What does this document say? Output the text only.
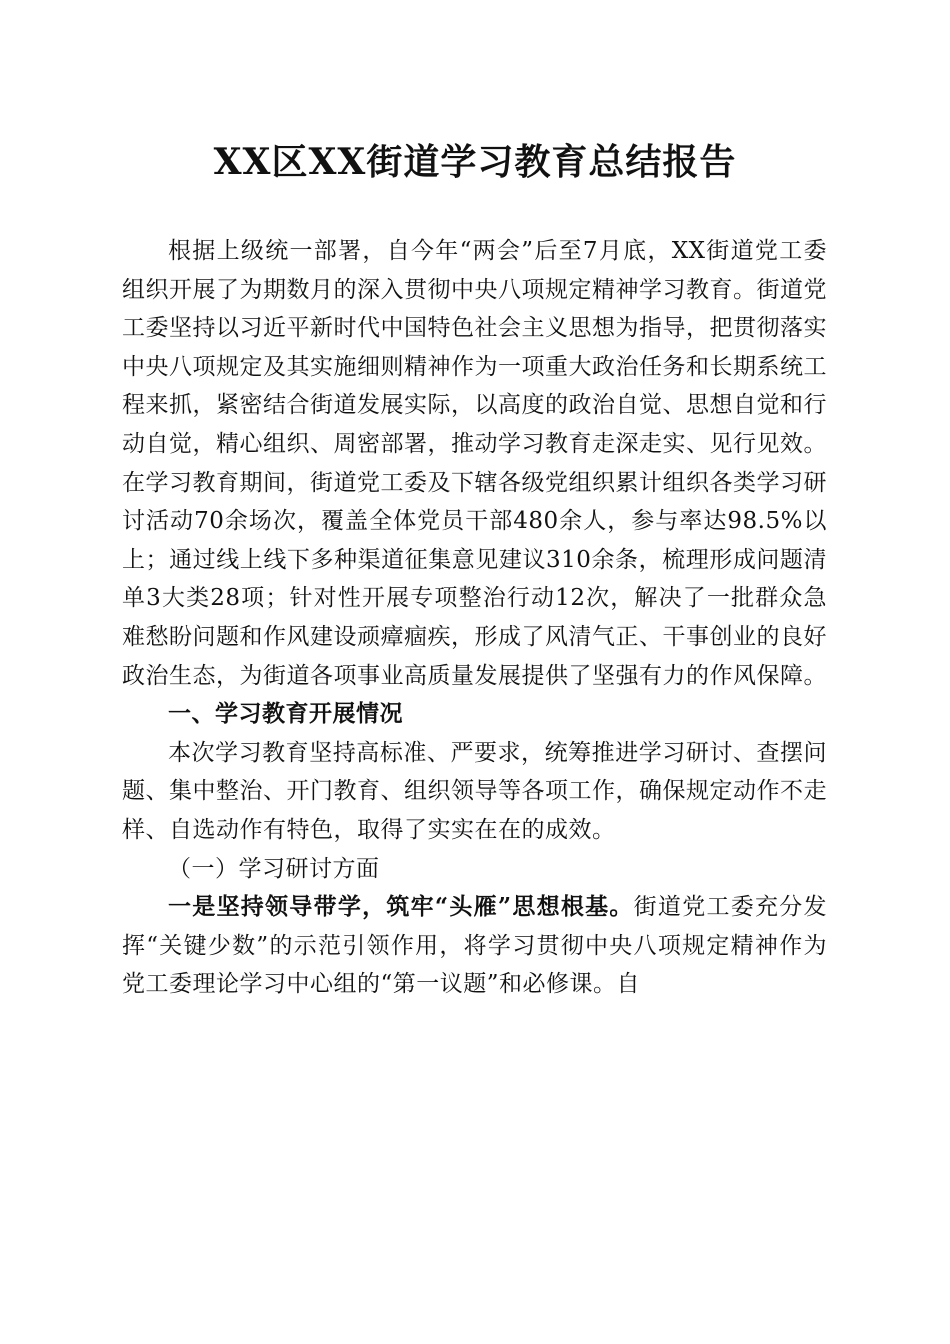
XX区XX街道学习教育总结报告

根据上级统一部署，自今年“两会”后至7月底，XX街道党工委组织开展了为期数月的深入贯彻中央八项规定精神学习教育。街道党工委坚持以习近平新时代中国特色社会主义思想为指导，把贯彻落实中央八项规定及其实施细则精神作为一项重大政治任务和长期系统工程来抓，紧密结合街道发展实际，以高度的政治自觉、思想自觉和行动自觉，精心组织、周密部署，推动学习教育走深走实、见行见效。在学习教育期间，街道党工委及下辖各级党组织累计组织各类学习研讨活动70余场次，覆盖全体党员干部480余人，参与率达98.5%以上；通过线上线下多种渠道征集意见建议310余条，梳理形成问题清单3大类28项；针对性开展专项整治行动12次，解决了一批群众急难愁盼问题和作风建设顽瘴痼疾，形成了风清气正、干事创业的良好政治生态，为街道各项事业高质量发展提供了坚强有力的作风保障。

一、学习教育开展情况

本次学习教育坚持高标准、严要求，统筹推进学习研讨、查摆问题、集中整治、开门教育、组织领导等各项工作，确保规定动作不走样、自选动作有特色，取得了实实在在的成效。

（一）学习研讨方面

一是坚持领导带学，筑牢“头雁”思想根基。街道党工委充分发挥“关键少数”的示范引领作用，将学习贯彻中央八项规定精神作为党工委理论学习中心组的“第一议题”和必修课。自
